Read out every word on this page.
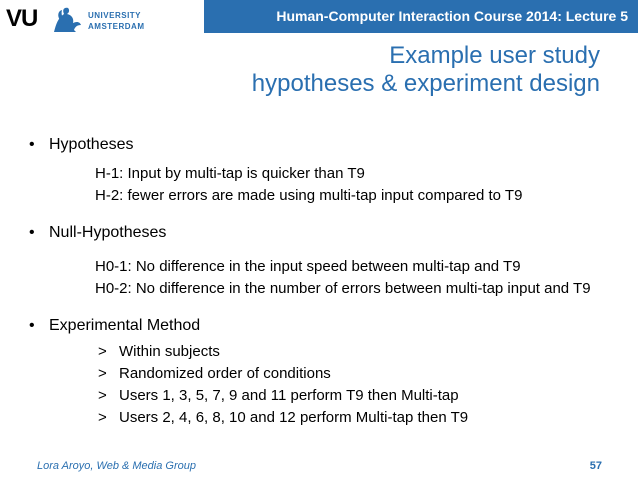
Human-Computer Interaction Course 2014: Lecture 5
VU	UNIVERSITY
AMSTERDAM
Example user study
hypotheses & experiment design
• Hypotheses
H-1: Input by multi-tap is quicker than T9
H-2: fewer errors are made using multi-tap input compared to T9
• Null-Hypotheses
H0-1: No difference in the input speed between multi-tap and T9
H0-2: No difference in the number of errors between multi-tap input and T9
• Experimental Method
> Within subjects
> Randomized order of conditions
> Users 1, 3, 5, 7, 9 and 11 perform T9 then Multi-tap
> Users 2, 4, 6, 8, 10 and 12 perform Multi-tap then T9
Lora Aroyo, Web & Media Group	57
